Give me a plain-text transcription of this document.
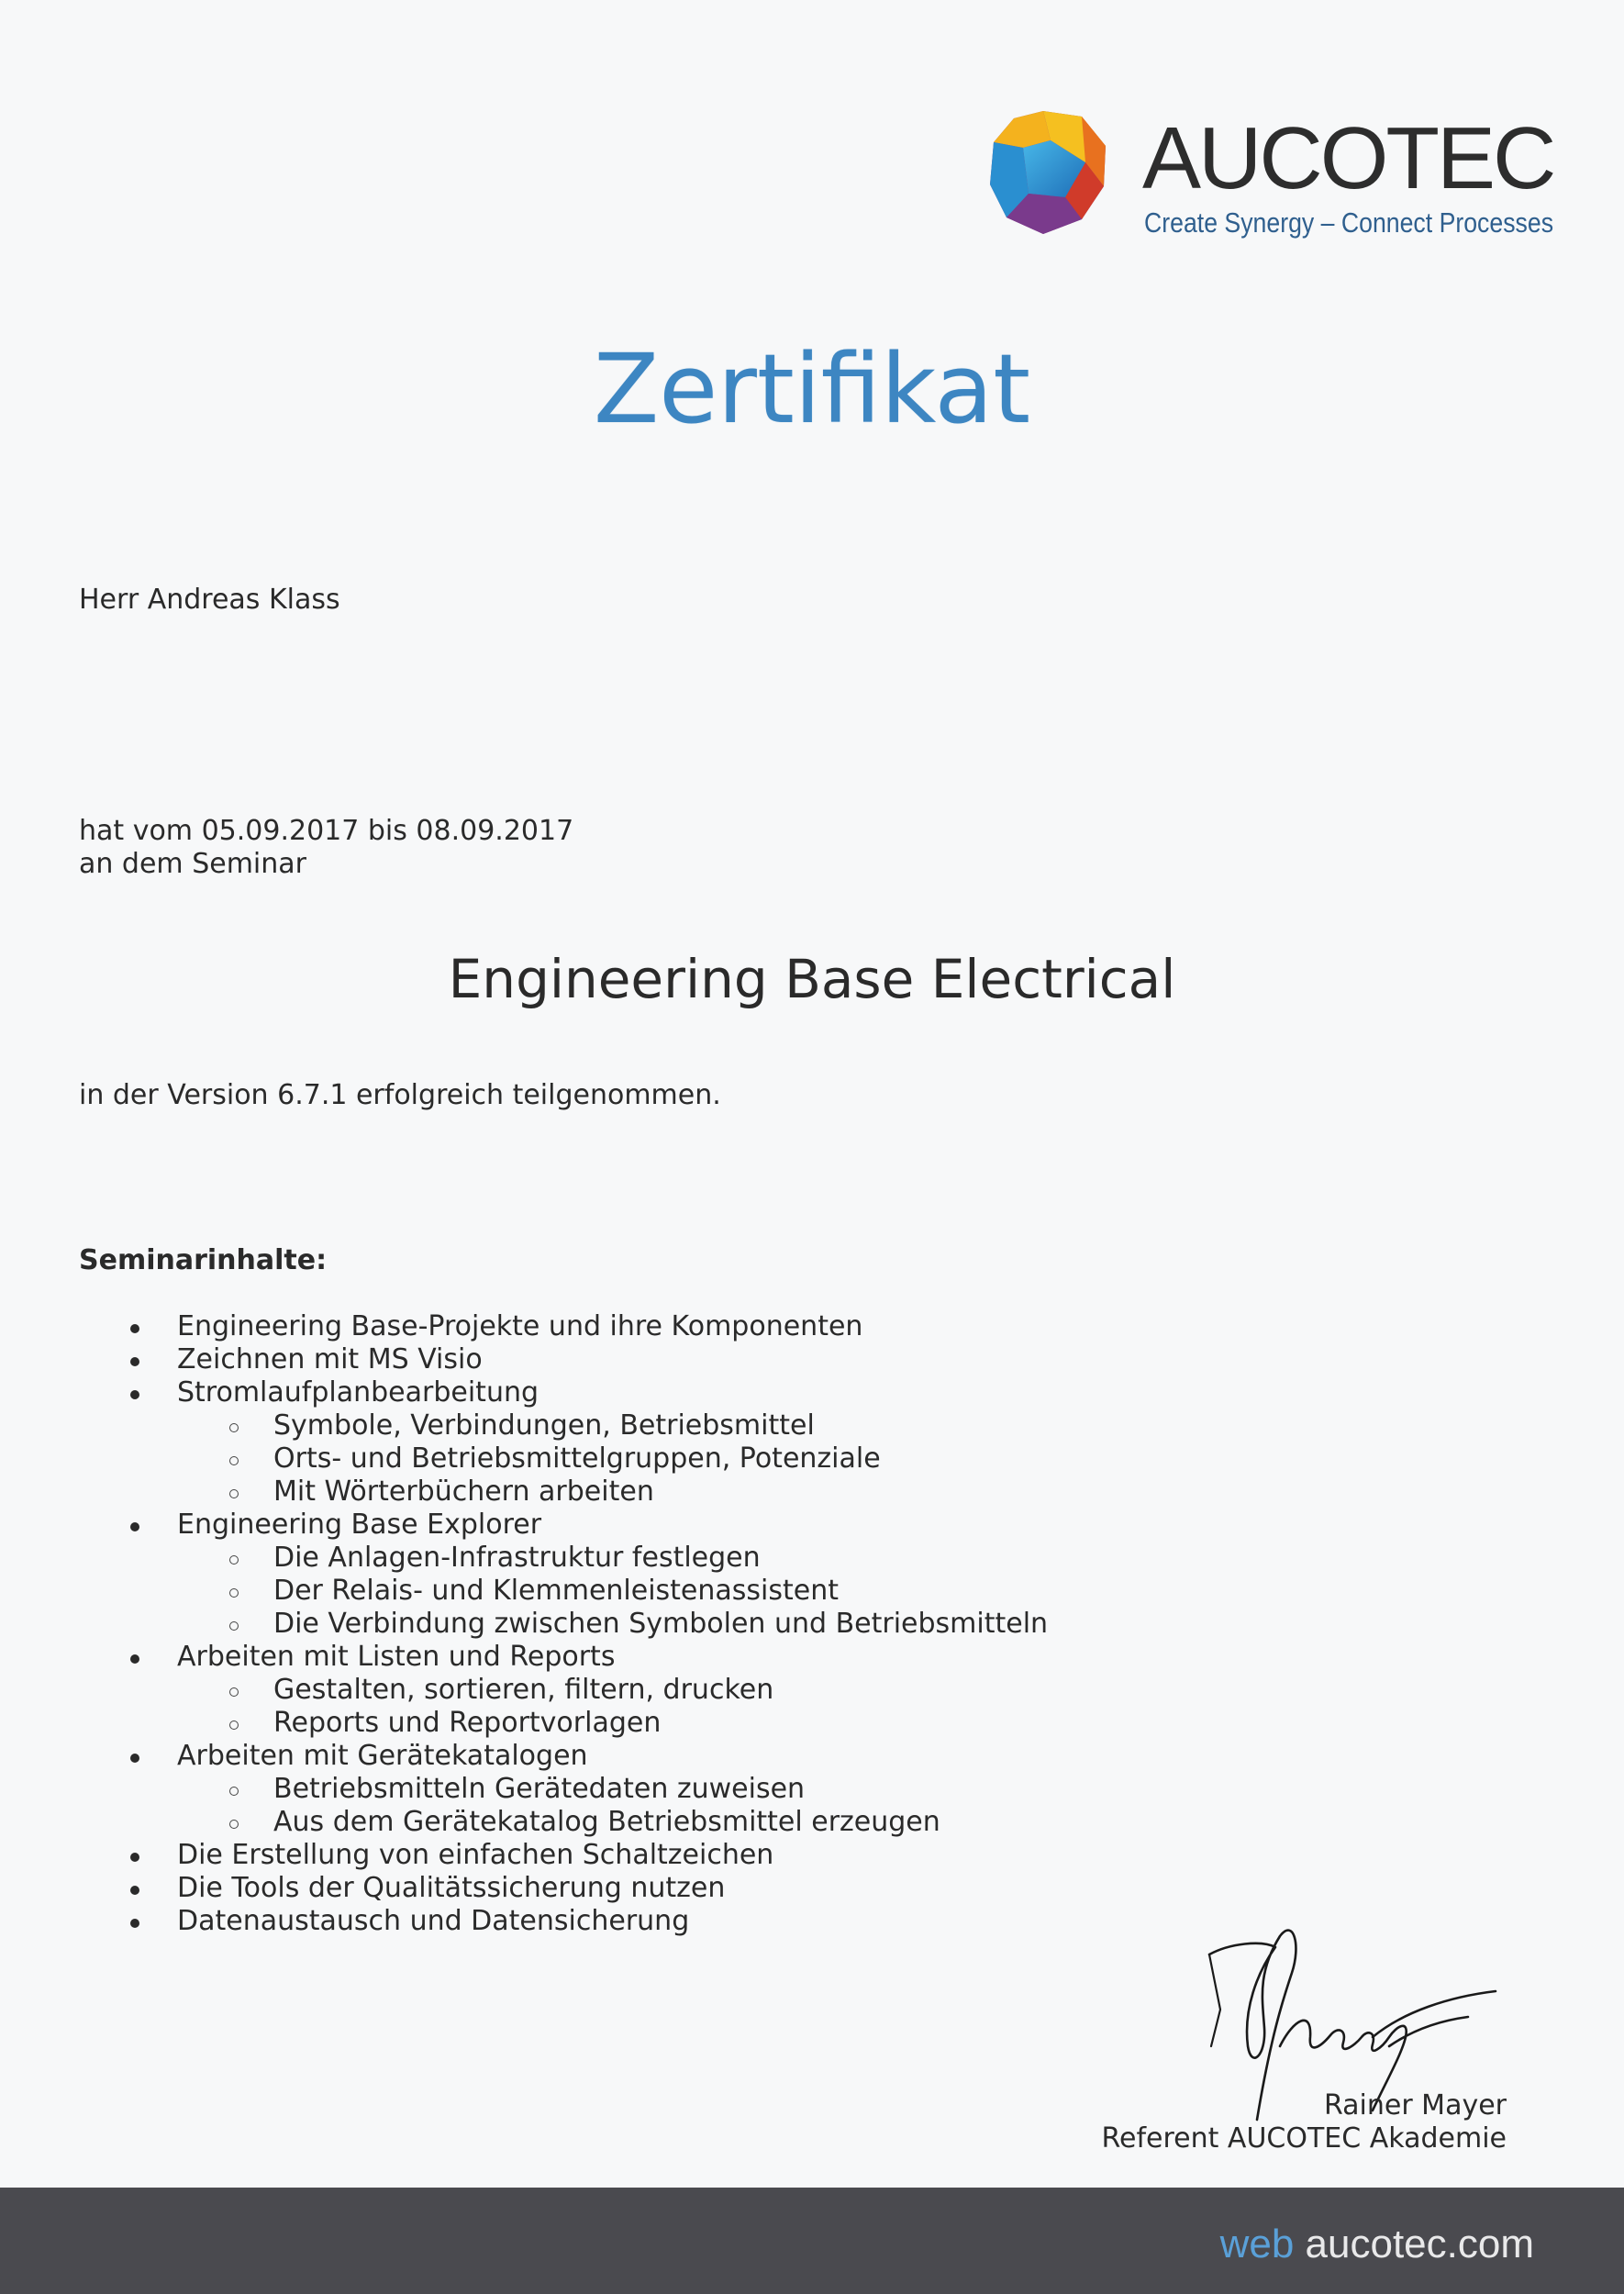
AUCOTEC
Create Synergy – Connect Processes
Zertifikat
Herr Andreas Klass
hat vom 05.09.2017 bis 08.09.2017
an dem Seminar
Engineering Base Electrical
in der Version 6.7.1 erfolgreich teilgenommen.
Seminarinhalte:
Engineering Base-Projekte und ihre Komponenten
Zeichnen mit MS Visio
Stromlaufplanbearbeitung
Symbole, Verbindungen, Betriebsmittel
Orts- und Betriebsmittelgruppen, Potenziale
Mit Wörterbüchern arbeiten
Engineering Base Explorer
Die Anlagen-Infrastruktur festlegen
Der Relais- und Klemmenleistenassistent
Die Verbindung zwischen Symbolen und Betriebsmitteln
Arbeiten mit Listen und Reports
Gestalten, sortieren, filtern, drucken
Reports und Reportvorlagen
Arbeiten mit Gerätekatalogen
Betriebsmitteln Gerätedaten zuweisen
Aus dem Gerätekatalog Betriebsmittel erzeugen
Die Erstellung von einfachen Schaltzeichen
Die Tools der Qualitätssicherung nutzen
Datenaustausch und Datensicherung
Rainer Mayer
Referent AUCOTEC Akademie
web aucotec.com
